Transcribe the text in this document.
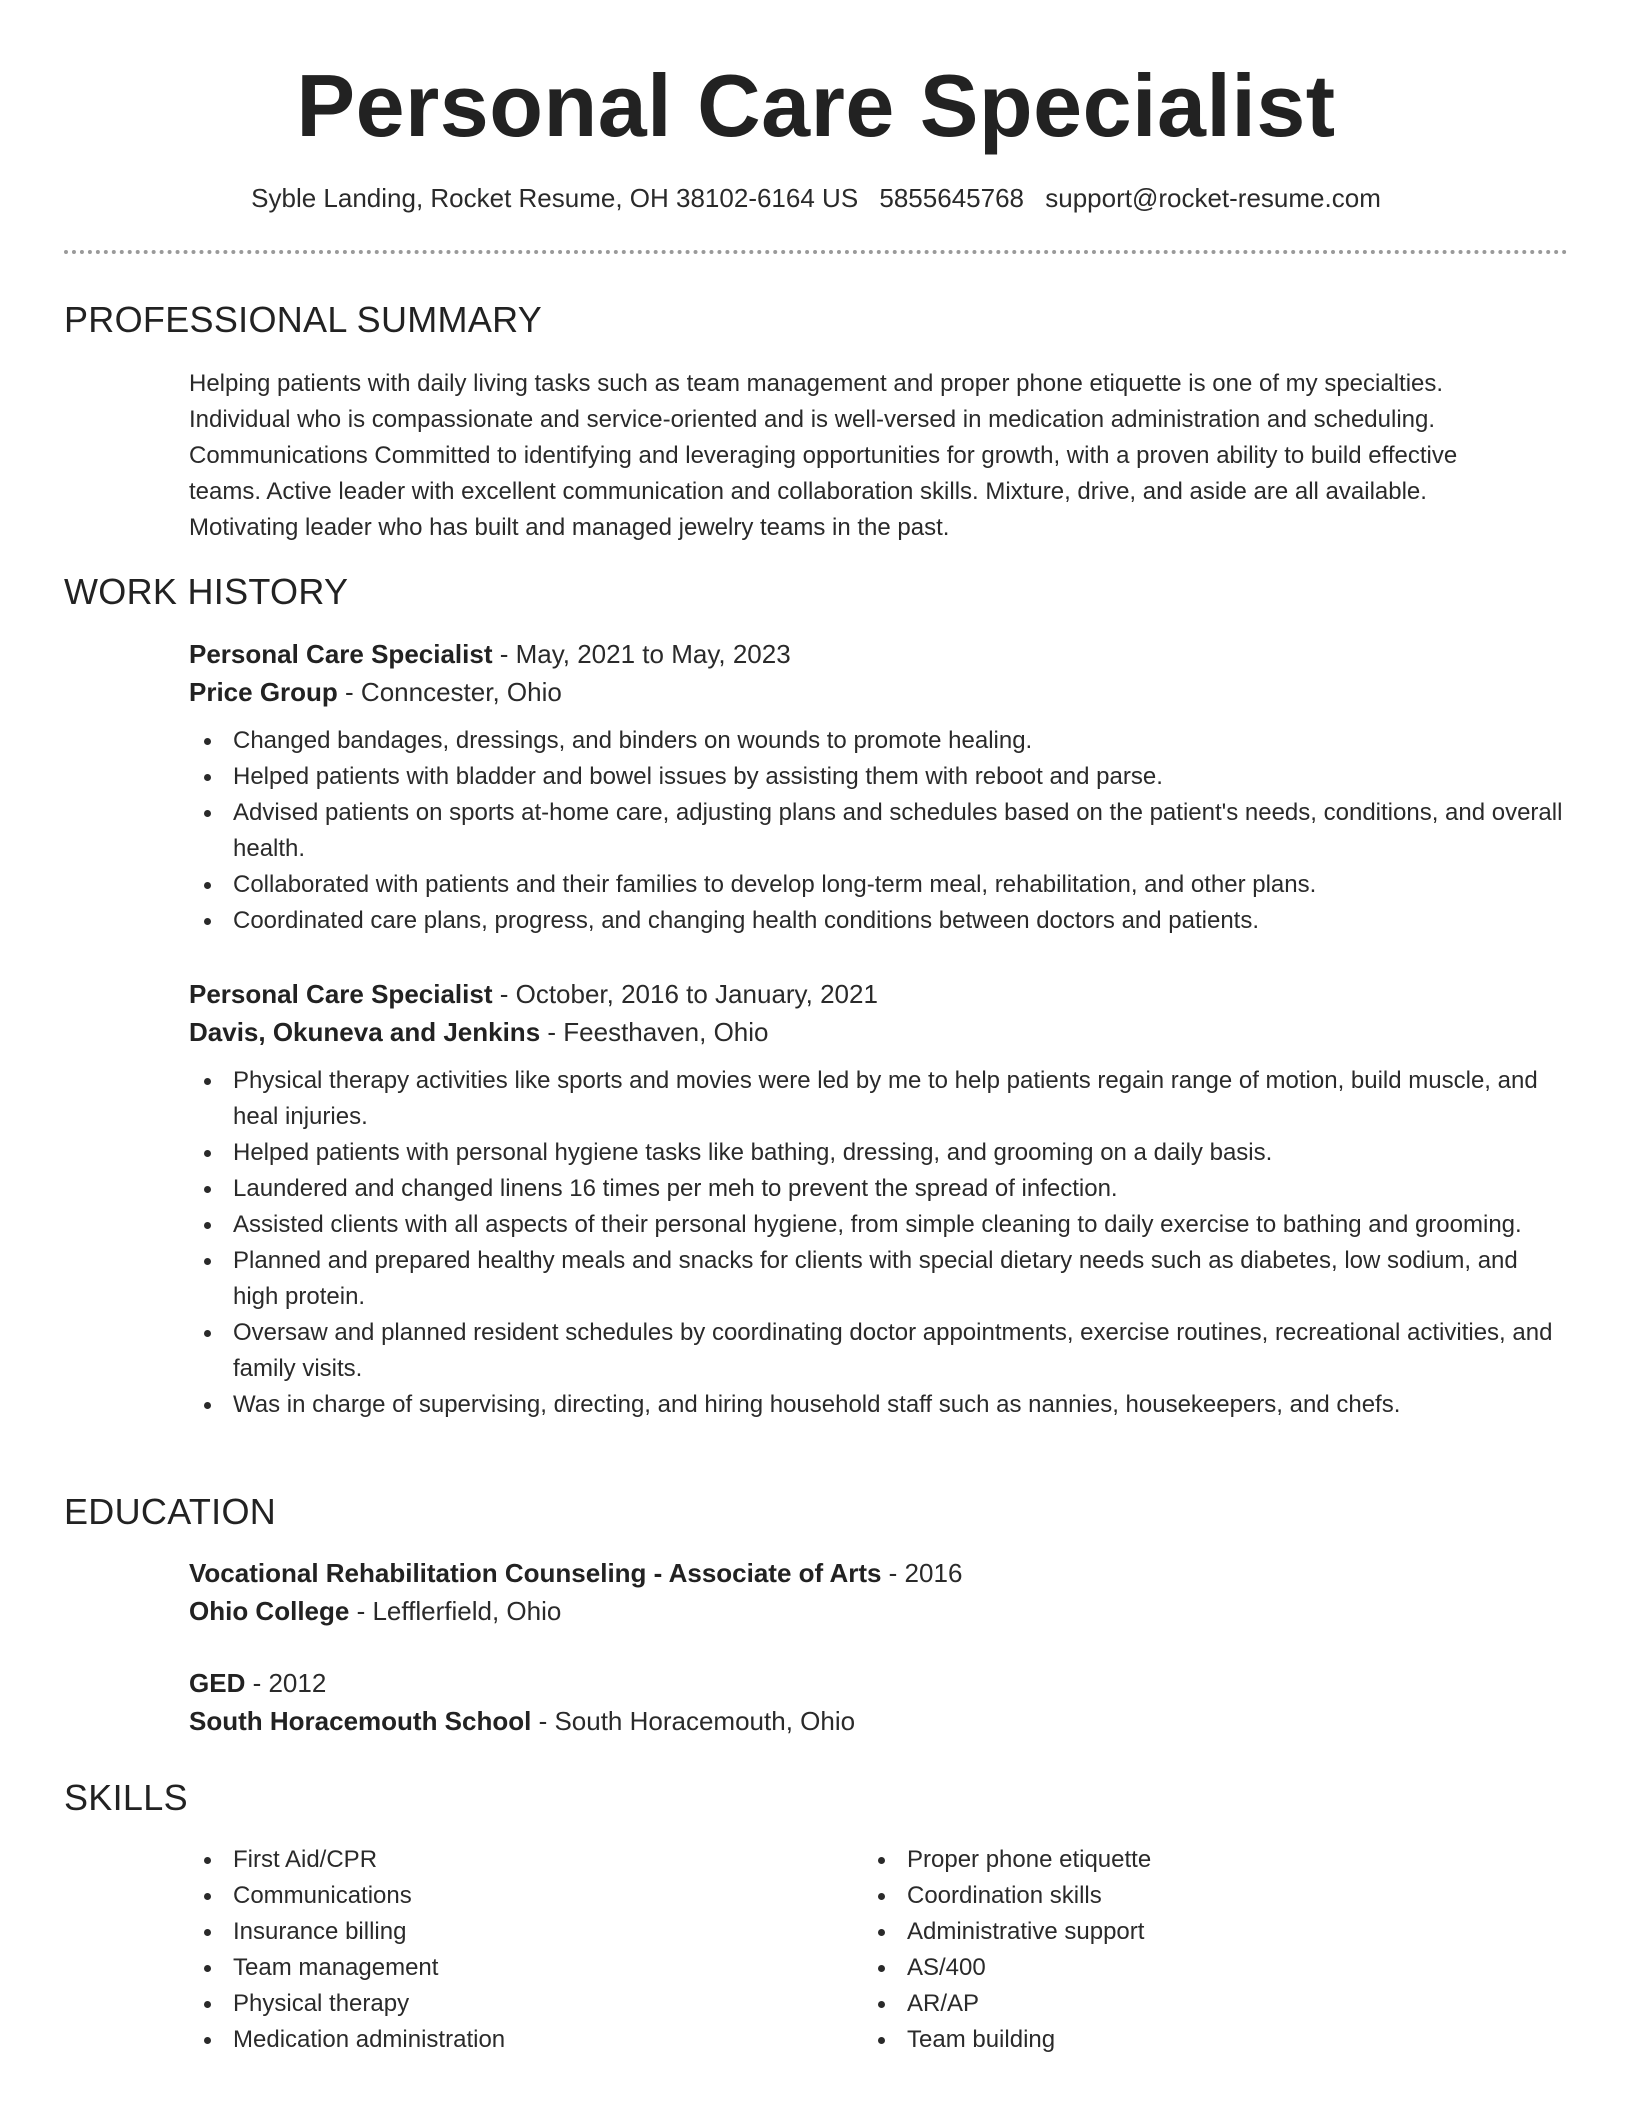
Personal Care Specialist
Syble Landing, Rocket Resume, OH 38102-6164 US 5855645768 support@rocket-resume.com
PROFESSIONAL SUMMARY
Helping patients with daily living tasks such as team management and proper phone etiquette is one of my specialties.
Individual who is compassionate and service-oriented and is well-versed in medication administration and scheduling.
Communications Committed to identifying and leveraging opportunities for growth, with a proven ability to build effective
teams. Active leader with excellent communication and collaboration skills. Mixture, drive, and aside are all available.
Motivating leader who has built and managed jewelry teams in the past.
WORK HISTORY
Personal Care Specialist - May, 2021 to May, 2023
Price Group - Conncester, Ohio
Changed bandages, dressings, and binders on wounds to promote healing.
Helped patients with bladder and bowel issues by assisting them with reboot and parse.
Advised patients on sports at-home care, adjusting plans and schedules based on the patient's needs, conditions, and overall health.
Collaborated with patients and their families to develop long-term meal, rehabilitation, and other plans.
Coordinated care plans, progress, and changing health conditions between doctors and patients.
Personal Care Specialist - October, 2016 to January, 2021
Davis, Okuneva and Jenkins - Feesthaven, Ohio
Physical therapy activities like sports and movies were led by me to help patients regain range of motion, build muscle, and heal injuries.
Helped patients with personal hygiene tasks like bathing, dressing, and grooming on a daily basis.
Laundered and changed linens 16 times per meh to prevent the spread of infection.
Assisted clients with all aspects of their personal hygiene, from simple cleaning to daily exercise to bathing and grooming.
Planned and prepared healthy meals and snacks for clients with special dietary needs such as diabetes, low sodium, and high protein.
Oversaw and planned resident schedules by coordinating doctor appointments, exercise routines, recreational activities, and family visits.
Was in charge of supervising, directing, and hiring household staff such as nannies, housekeepers, and chefs.
EDUCATION
Vocational Rehabilitation Counseling - Associate of Arts - 2016
Ohio College - Lefflerfield, Ohio
GED - 2012
South Horacemouth School - South Horacemouth, Ohio
SKILLS
First Aid/CPR
Communications
Insurance billing
Team management
Physical therapy
Medication administration
Proper phone etiquette
Coordination skills
Administrative support
AS/400
AR/AP
Team building
